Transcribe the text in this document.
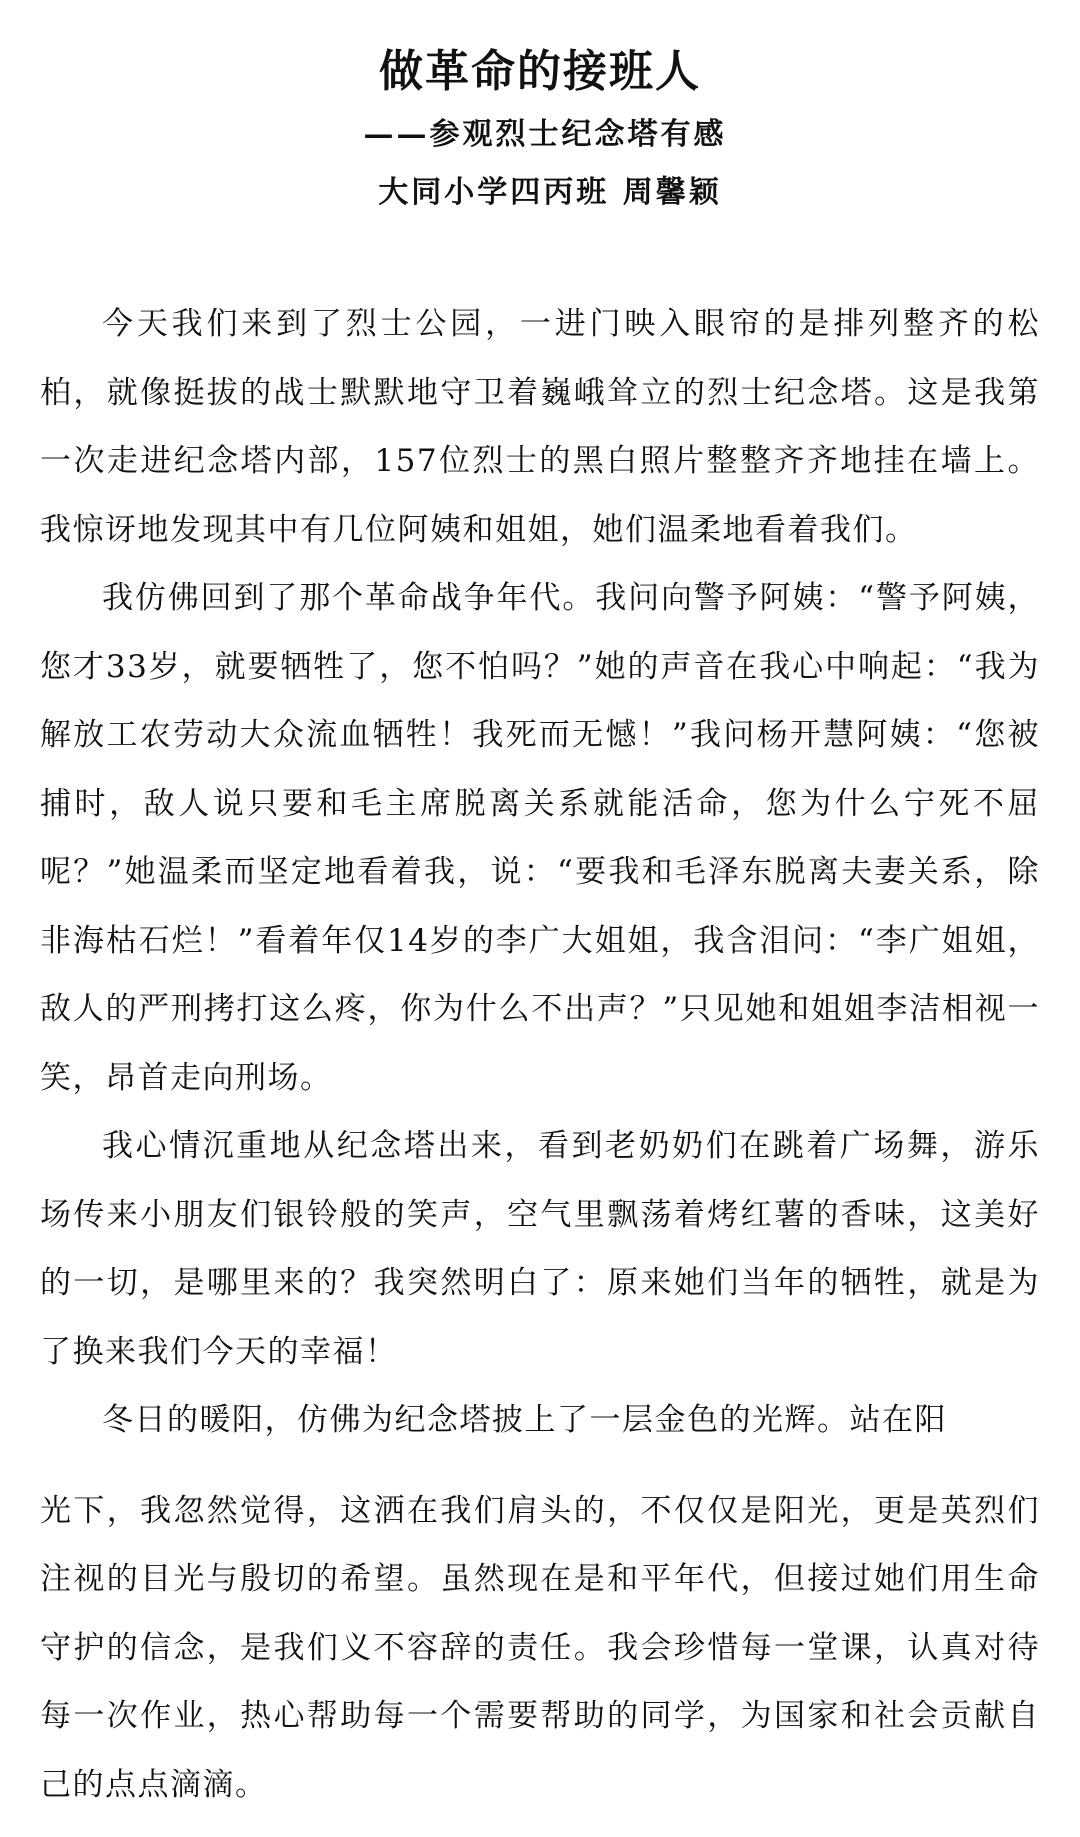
做革命的接班人
——参观烈士纪念塔有感
大同小学四丙班 周馨颖

今天我们来到了烈士公园，一进门映入眼帘的是排列整齐的松柏，就像挺拔的战士默默地守卫着巍峨耸立的烈士纪念塔。这是我第一次走进纪念塔内部，157位烈士的黑白照片整整齐齐地挂在墙上。我惊讶地发现其中有几位阿姨和姐姐，她们温柔地看着我们。

我仿佛回到了那个革命战争年代。我问向警予阿姨：“警予阿姨，您才33岁，就要牺牲了，您不怕吗？”她的声音在我心中响起：“我为解放工农劳动大众流血牺牲！我死而无憾！”我问杨开慧阿姨：“您被捕时，敌人说只要和毛主席脱离关系就能活命，您为什么宁死不屈呢？”她温柔而坚定地看着我，说：“要我和毛泽东脱离夫妻关系，除非海枯石烂！”看着年仅14岁的李广大姐姐，我含泪问：“李广姐姐，敌人的严刑拷打这么疼，你为什么不出声？”只见她和姐姐李洁相视一笑，昂首走向刑场。

我心情沉重地从纪念塔出来，看到老奶奶们在跳着广场舞，游乐场传来小朋友们银铃般的笑声，空气里飘荡着烤红薯的香味，这美好的一切，是哪里来的？我突然明白了：原来她们当年的牺牲，就是为了换来我们今天的幸福！

冬日的暖阳，仿佛为纪念塔披上了一层金色的光辉。站在阳

光下，我忽然觉得，这洒在我们肩头的，不仅仅是阳光，更是英烈们注视的目光与殷切的希望。虽然现在是和平年代，但接过她们用生命守护的信念，是我们义不容辞的责任。我会珍惜每一堂课，认真对待每一次作业，热心帮助每一个需要帮助的同学，为国家和社会贡献自己的点点滴滴。
